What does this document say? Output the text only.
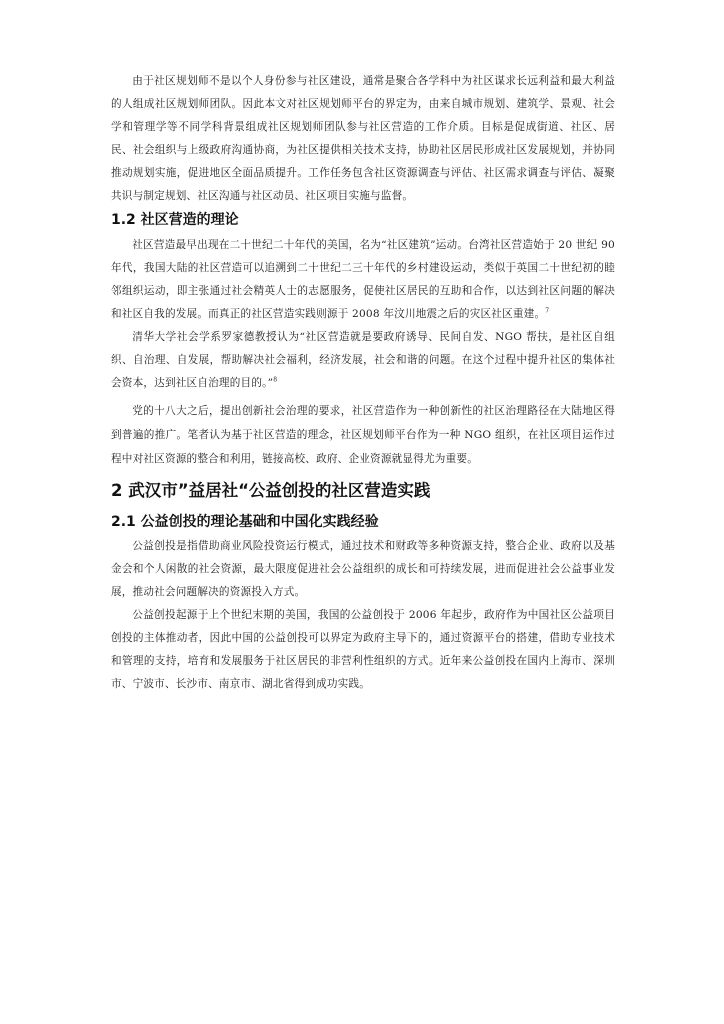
由于社区规划师不是以个人身份参与社区建设，通常是聚合各学科中为社区谋求长远利益和最大利益的人组成社区规划师团队。因此本文对社区规划师平台的界定为，由来自城市规划、建筑学、景观、社会学和管理学等不同学科背景组成社区规划师团队参与社区营造的工作介质。目标是促成街道、社区、居民、社会组织与上级政府沟通协商，为社区提供相关技术支持，协助社区居民形成社区发展规划，并协同推动规划实施，促进地区全面品质提升。工作任务包含社区资源调查与评估、社区需求调查与评估、凝聚共识与制定规划、社区沟通与社区动员、社区项目实施与监督。

1.2 社区营造的理论

社区营造最早出现在二十世纪二十年代的美国，名为“社区建筑”运动。台湾社区营造始于 20 世纪 90 年代，我国大陆的社区营造可以追溯到二十世纪二三十年代的乡村建设运动，类似于英国二十世纪初的睦邻组织运动，即主张通过社会精英人士的志愿服务，促使社区居民的互助和合作，以达到社区问题的解决和社区自我的发展。而真正的社区营造实践则源于 2008 年汶川地震之后的灾区社区重建。$^7$

清华大学社会学系罗家德教授认为“社区营造就是要政府诱导、民间自发、NGO 帮扶，是社区自组织、自治理、自发展，帮助解决社会福利，经济发展，社会和谐的问题。在这个过程中提升社区的集体社会资本，达到社区自治理的目的。”$^8$

党的十八大之后，提出创新社会治理的要求，社区营造作为一种创新性的社区治理路径在大陆地区得到普遍的推广。笔者认为基于社区营造的理念，社区规划师平台作为一种 NGO 组织，在社区项目运作过程中对社区资源的整合和利用，链接高校、政府、企业资源就显得尤为重要。

2 武汉市”益居社“公益创投的社区营造实践
2.1 公益创投的理论基础和中国化实践经验

公益创投是指借助商业风险投资运行模式，通过技术和财政等多种资源支持，整合企业、政府以及基金会和个人闲散的社会资源，最大限度促进社会公益组织的成长和可持续发展，进而促进社会公益事业发展，推动社会问题解决的资源投入方式。

公益创投起源于上个世纪末期的美国，我国的公益创投于 2006 年起步，政府作为中国社区公益项目创投的主体推动者，因此中国的公益创投可以界定为政府主导下的，通过资源平台的搭建，借助专业技术和管理的支持，培育和发展服务于社区居民的非营利性组织的方式。近年来公益创投在国内上海市、深圳市、宁波市、长沙市、南京市、湖北省得到成功实践。
